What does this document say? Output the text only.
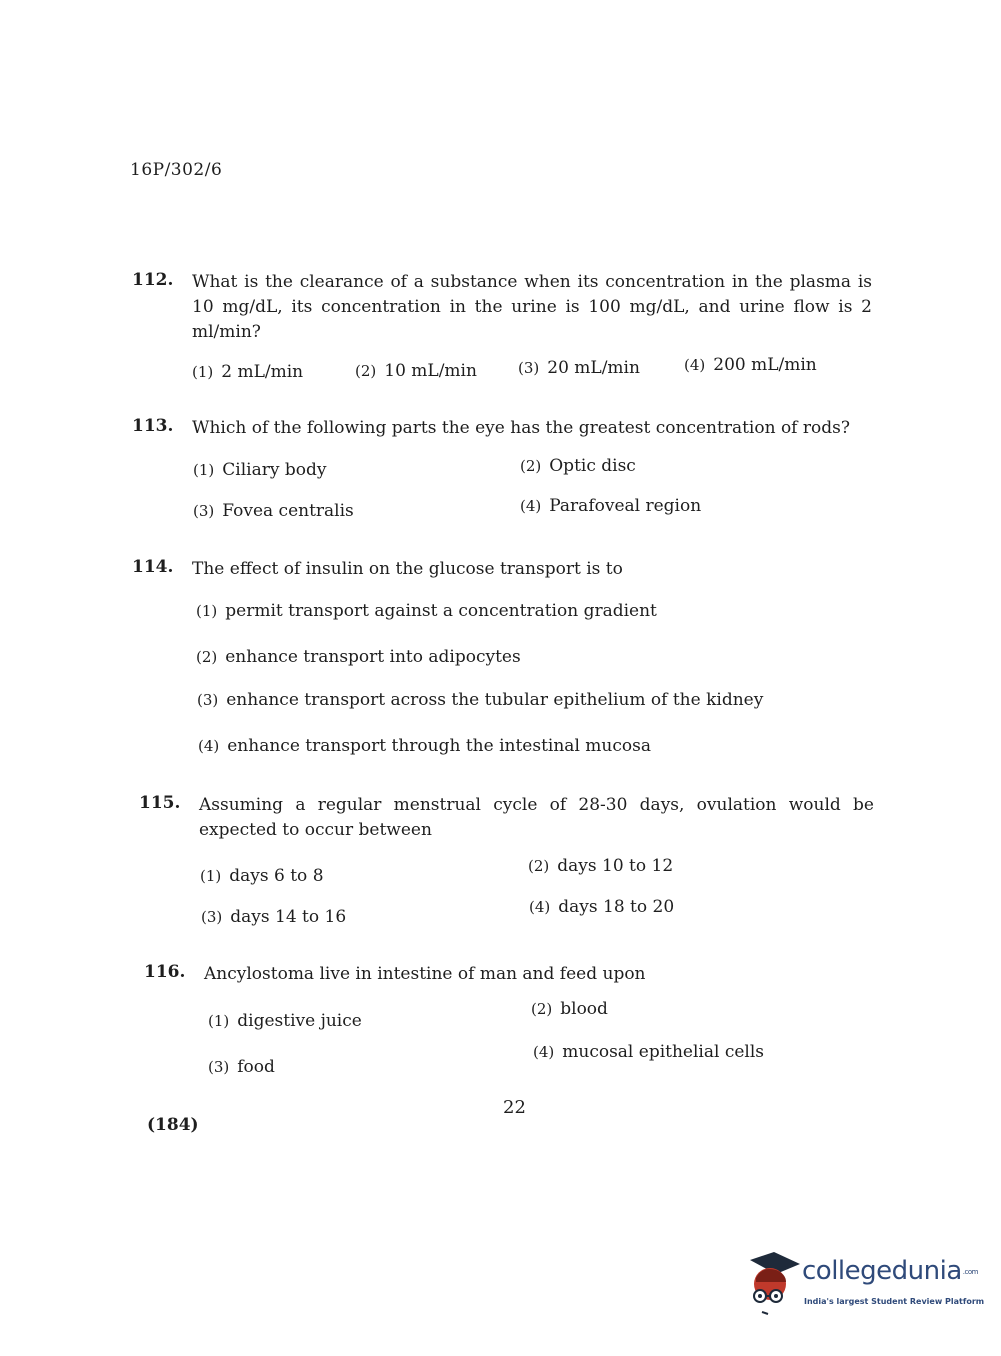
16P/302/6
112. What is the clearance of a substance when its concentration in the plasma is 10 mg/dL, its concentration in the urine is 100 mg/dL, and urine flow is 2 ml/min?
(1) 2 mL/min	(2) 10 mL/min	(3) 20 mL/min	(4) 200 mL/min
113. Which of the following parts the eye has the greatest concentration of rods?
(1) Ciliary body	(2) Optic disc
(3) Fovea centralis	(4) Parafoveal region
114. The effect of insulin on the glucose transport is to
(1) permit transport against a concentration gradient
(2) enhance transport into adipocytes
(3) enhance transport across the tubular epithelium of the kidney
(4) enhance transport through the intestinal mucosa
115. Assuming a regular menstrual cycle of 28-30 days, ovulation would be expected to occur between
(1) days 6 to 8	(2) days 10 to 12
(3) days 14 to 16	(4) days 18 to 20
116. Ancylostoma live in intestine of man and feed upon
(1) digestive juice
(2) blood
(3) food
(4) mucosal epithelial cells
22
(184)
collegedunia.com
India's largest Student Review Platform
